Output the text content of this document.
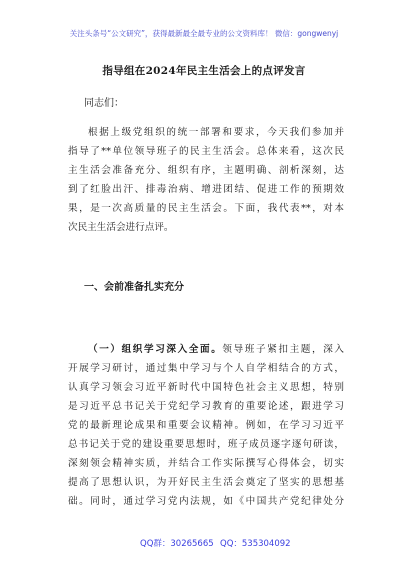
关注头条号“公文研究”，获得最新最全最专业的公文资料库！ 微信：gongwenyj
指导组在2024年民主生活会上的点评发言
同志们：
根据上级党组织的统一部署和要求，今天我们参加并
指导了**单位领导班子的民主生活会。总体来看，这次民
主生活会准备充分、组织有序，主题明确、剖析深刻，达
到了红脸出汗、排毒治病、增进团结、促进工作的预期效
果，是一次高质量的民主生活会。下面，我代表**，对本
次民主生活会进行点评。
一、会前准备扎实充分
（一）组织学习深入全面。领导班子紧扣主题，深入
开展学习研讨，通过集中学习与个人自学相结合的方式，
认真学习领会习近平新时代中国特色社会主义思想，特别
是习近平总书记关于党纪学习教育的重要论述，跟进学习
党的最新理论成果和重要会议精神。例如，在学习习近平
总书记关于党的建设重要思想时，班子成员逐字逐句研读，
深刻领会精神实质，并结合工作实际撰写心得体会，切实
提高了思想认识，为开好民主生活会奠定了坚实的思想基
础。同时，通过学习党内法规，如《中国共产党纪律处分
QQ群：30265665 QQ：535304092
